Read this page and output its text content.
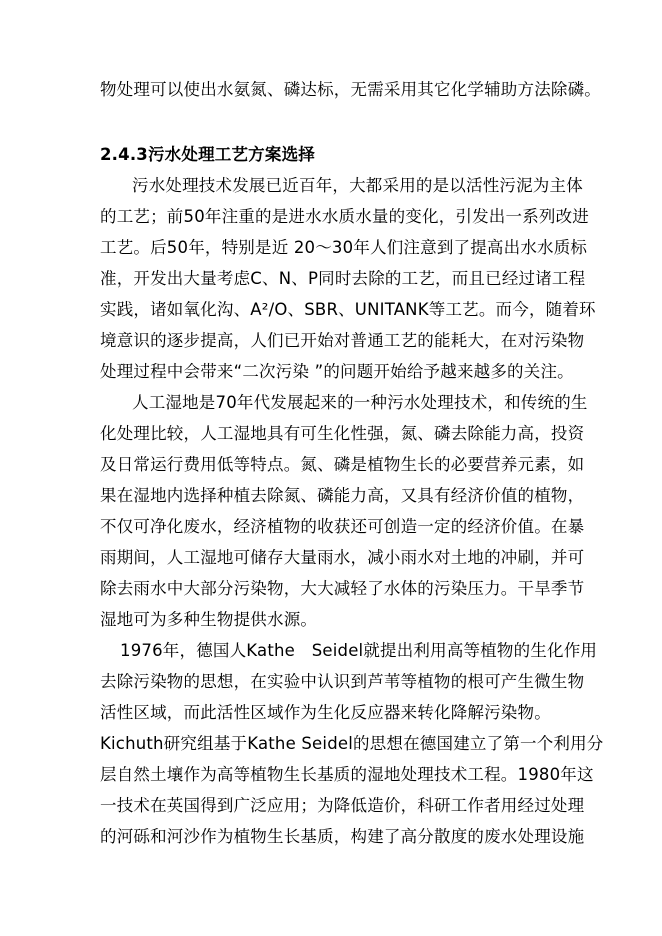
物处理可以使出水氨氮、磷达标，无需采用其它化学辅助方法除磷。
2.4.3污水处理工艺方案选择
污水处理技术发展已近百年，大都采用的是以活性污泥为主体
的工艺；前50年注重的是进水水质水量的变化，引发出一系列改进
工艺。后50年，特别是近 20～30年人们注意到了提高出水水质标
准，开发出大量考虑C、N、P同时去除的工艺，而且已经过诸工程
实践，诸如氧化沟、A²/O、SBR、UNITANK等工艺。而今，随着环
境意识的逐步提高，人们已开始对普通工艺的能耗大，在对污染物
处理过程中会带来“二次污染 ”的问题开始给予越来越多的关注。
人工湿地是70年代发展起来的一种污水处理技术，和传统的生
化处理比较，人工湿地具有可生化性强，氮、磷去除能力高，投资
及日常运行费用低等特点。氮、磷是植物生长的必要营养元素，如
果在湿地内选择种植去除氮、磷能力高，又具有经济价值的植物，
不仅可净化废水，经济植物的收获还可创造一定的经济价值。在暴
雨期间，人工湿地可储存大量雨水，减小雨水对土地的冲刷，并可
除去雨水中大部分污染物，大大减轻了水体的污染压力。干旱季节
湿地可为多种生物提供水源。
1976年，德国人Kathe　Seidel就提出利用高等植物的生化作用
去除污染物的思想，在实验中认识到芦苇等植物的根可产生微生物
活性区域，而此活性区域作为生化反应器来转化降解污染物。
Kichuth研究组基于Kathe Seidel的思想在德国建立了第一个利用分
层自然土壤作为高等植物生长基质的湿地处理技术工程。1980年这
一技术在英国得到广泛应用；为降低造价，科研工作者用经过处理
的河砾和河沙作为植物生长基质，构建了高分散度的废水处理设施
